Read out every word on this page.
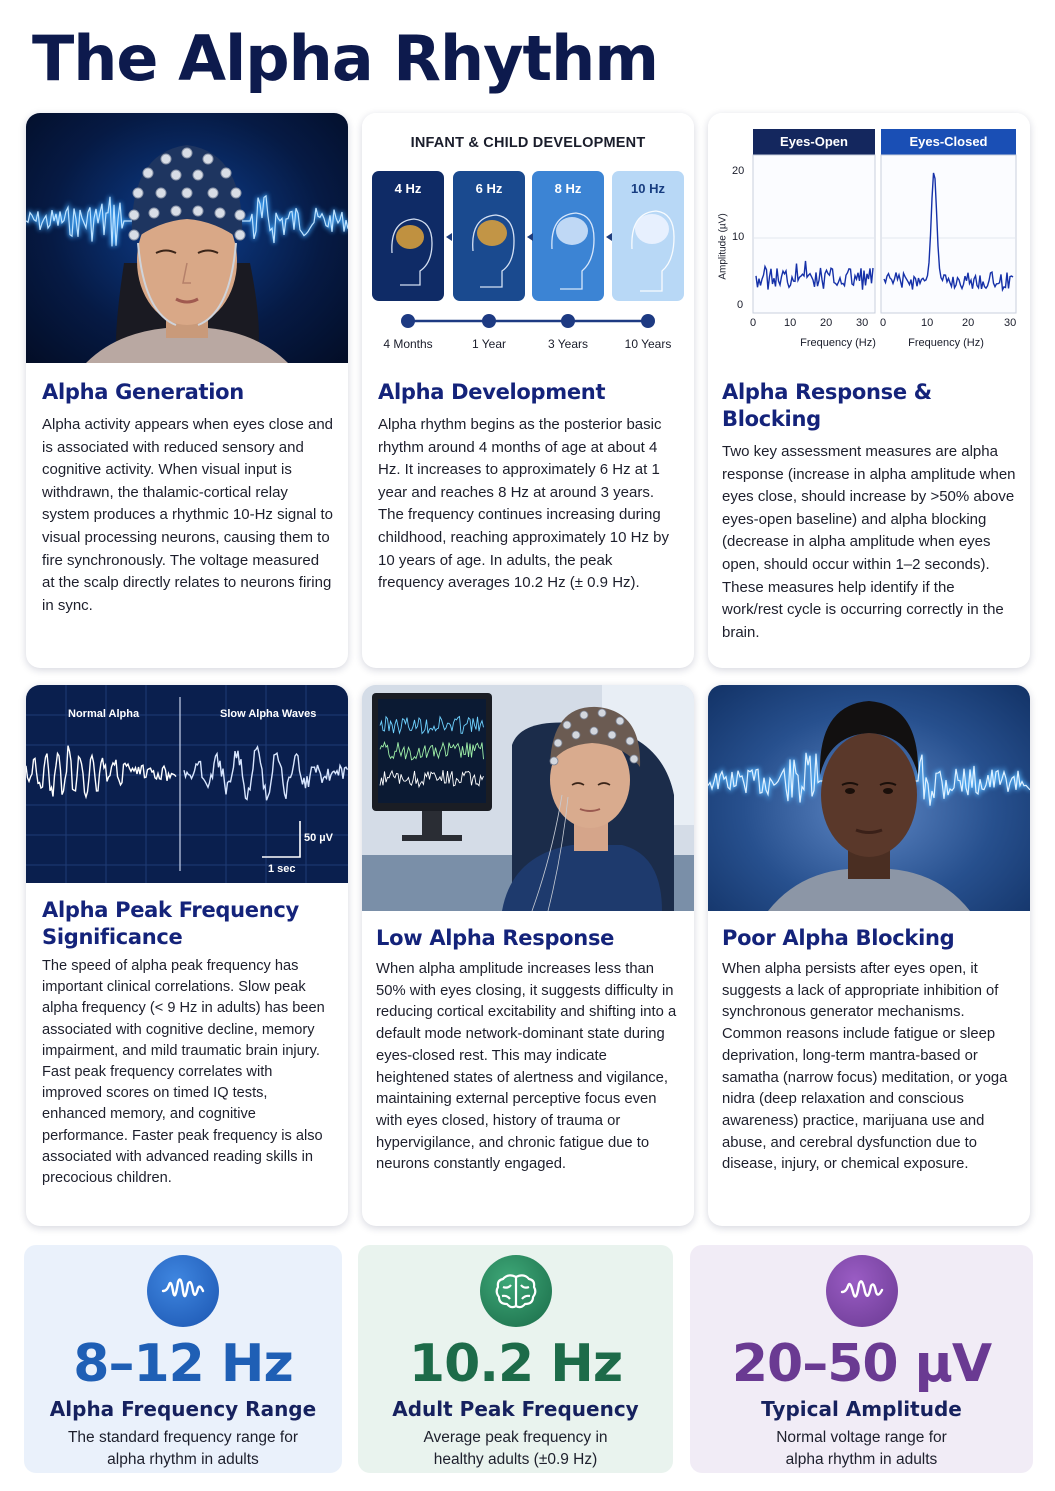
The Alpha Rhythm
Alpha Generation

Alpha activity appears when eyes close and is associated with reduced sensory and cognitive activity. When visual input is withdrawn, the thalamic-cortical relay system produces a rhythmic 10-Hz signal to visual processing neurons, causing them to fire synchronously. The voltage measured at the scalp directly relates to neurons firing in sync.

INFANT & CHILD DEVELOPMENT
4 Hz	6 Hz	8 Hz	10 Hz
4 Months	1 Year	3 Years	10 Years
Alpha Development

Alpha rhythm begins as the posterior basic rhythm around 4 months of age at about 4 Hz. It increases to approximately 6 Hz at 1 year and reaches 8 Hz at around 3 years. The frequency continues increasing during childhood, reaching approximately 10 Hz by 10 years of age. In adults, the peak frequency averages 10.2 Hz (± 0.9 Hz).

Eyes-Open	Eyes-Closed
Amplitude (µV)
20
10
0
0	10 20 30 0	10	20	30
Frequency (Hz)	Frequency (Hz)
Alpha Response & Blocking

Two key assessment measures are alpha response (increase in alpha amplitude when eyes close, should increase by >50% above eyes-open baseline) and alpha blocking (decrease in alpha amplitude when eyes open, should occur within 1–2 seconds). These measures help identify if the work/rest cycle is occurring correctly in the brain.

Normal Alpha	Slow Alpha Waves
50 µV
1 sec
Alpha Peak Frequency Significance

The speed of alpha peak frequency has important clinical correlations. Slow peak alpha frequency (< 9 Hz in adults) has been associated with cognitive decline, memory impairment, and mild traumatic brain injury. Fast peak frequency correlates with improved scores on timed IQ tests, enhanced memory, and cognitive performance. Faster peak frequency is also associated with advanced reading skills in precocious children.

Low Alpha Response

When alpha amplitude increases less than 50% with eyes closing, it suggests difficulty in reducing cortical excitability and shifting into a default mode network-dominant state during eyes-closed rest. This may indicate heightened states of alertness and vigilance, maintaining external perceptive focus even with eyes closed, history of trauma or hypervigilance, and chronic fatigue due to neurons constantly engaged.

Poor Alpha Blocking

When alpha persists after eyes open, it suggests a lack of appropriate inhibition of synchronous generator mechanisms. Common reasons include fatigue or sleep deprivation, long-term mantra-based or samatha (narrow focus) meditation, or yoga nidra (deep relaxation and conscious awareness) practice, marijuana use and abuse, and cerebral dysfunction due to disease, injury, or chemical exposure.

8–12 Hz
Alpha Frequency Range
The standard frequency range for
alpha rhythm in adults
10.2 Hz
Adult Peak Frequency
Average peak frequency in
healthy adults (±0.9 Hz)
20–50 µV
Typical Amplitude
Normal voltage range for
alpha rhythm in adults
